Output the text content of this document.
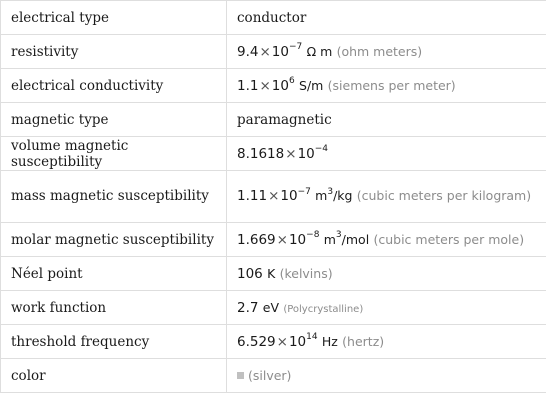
electrical type	conductor
resistivity	$9.4\times 10^{-7}$ Ω m (ohm meters)
electrical conductivity	$1.1\times 10^6$ S/m (siemens per meter)
magnetic type	paramagnetic
volume magnetic susceptibility	$8.1618\times 10^{-4}$
mass magnetic susceptibility	$1.11\times 10^{-7}$ $m^3/kg$ (cubic meters per kilogram)
molar magnetic susceptibility	$1.669\times 10^{-8}$ $m^3$/mol (cubic meters per mole)
Néel point	106 K (kelvins)
work function	2.7 eV (Polycrystalline)
threshold frequency	$6.529\times 10^{14}$ Hz (hertz)
color	(silver)
